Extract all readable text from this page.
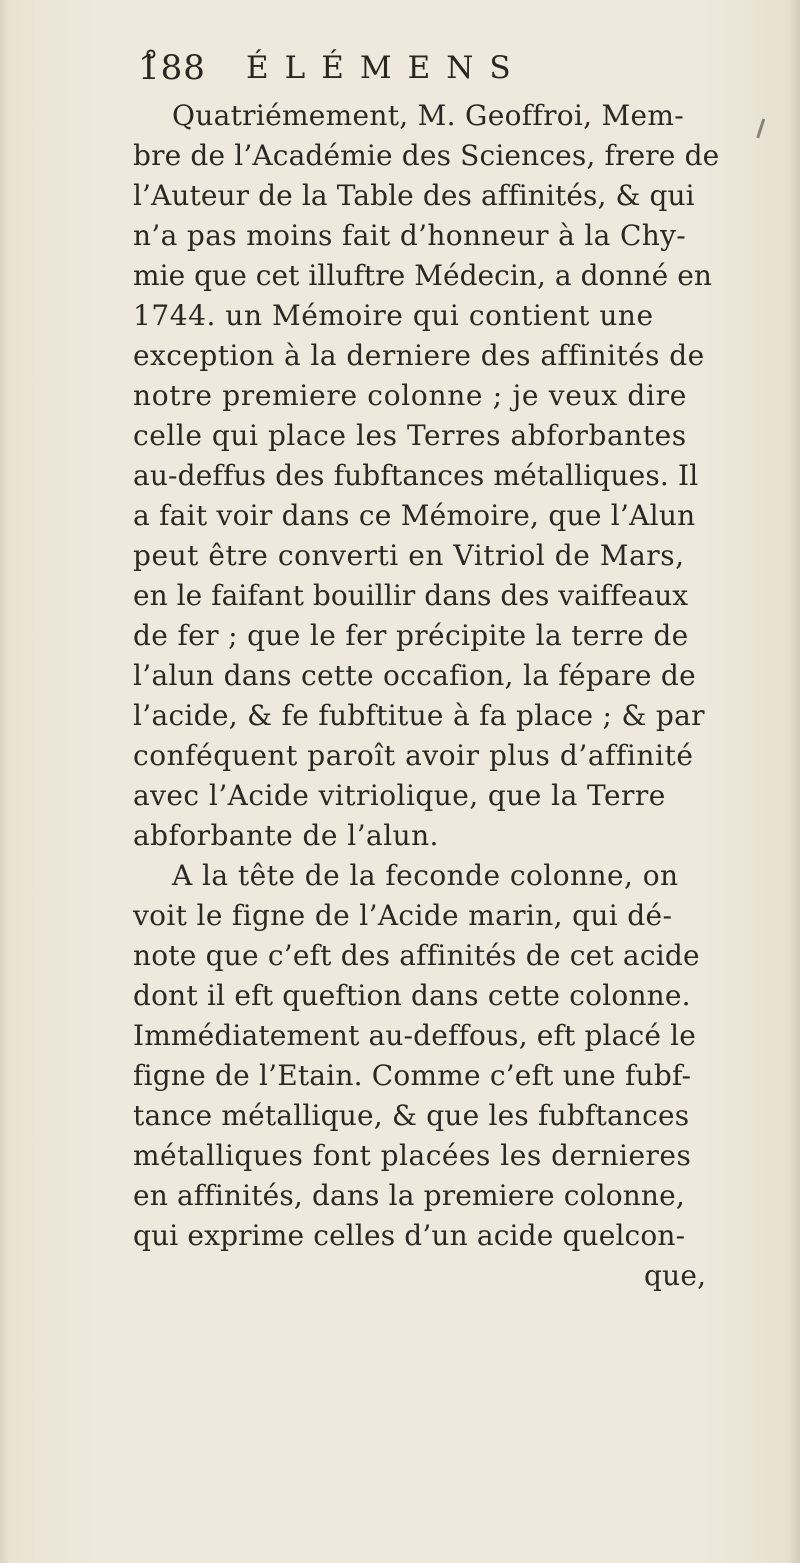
1̊88 ÉLÉMENS
Quatriémement, M. Geoffroi, Mem-
bre de l’Académie des Sciences, frere de
l’Auteur de la Table des affinités, & qui
n’a pas moins fait d’honneur à la Chy-
mie que cet illuftre Médecin, a donné en
1744. un Mémoire qui contient une
exception à la derniere des affinités de
notre premiere colonne ; je veux dire
celle qui place les Terres abforbantes
au-deffus des fubftances métalliques. Il
a fait voir dans ce Mémoire, que l’Alun
peut être converti en Vitriol de Mars,
en le faifant bouillir dans des vaiffeaux
de fer ; que le fer précipite la terre de
l’alun dans cette occafion, la fépare de
l’acide, & fe fubftitue à fa place ; & par
conféquent paroît avoir plus d’affinité
avec l’Acide vitriolique, que la Terre
abforbante de l’alun.
A la tête de la feconde colonne, on
voit le figne de l’Acide marin, qui dé-
note que c’eft des affinités de cet acide
dont il eft queftion dans cette colonne.
Immédiatement au-deffous, eft placé le
figne de l’Etain. Comme c’eft une fubf-
tance métallique, & que les fubftances
métalliques font placées les dernieres
en affinités, dans la premiere colonne,
qui exprime celles d’un acide quelcon-
que,
